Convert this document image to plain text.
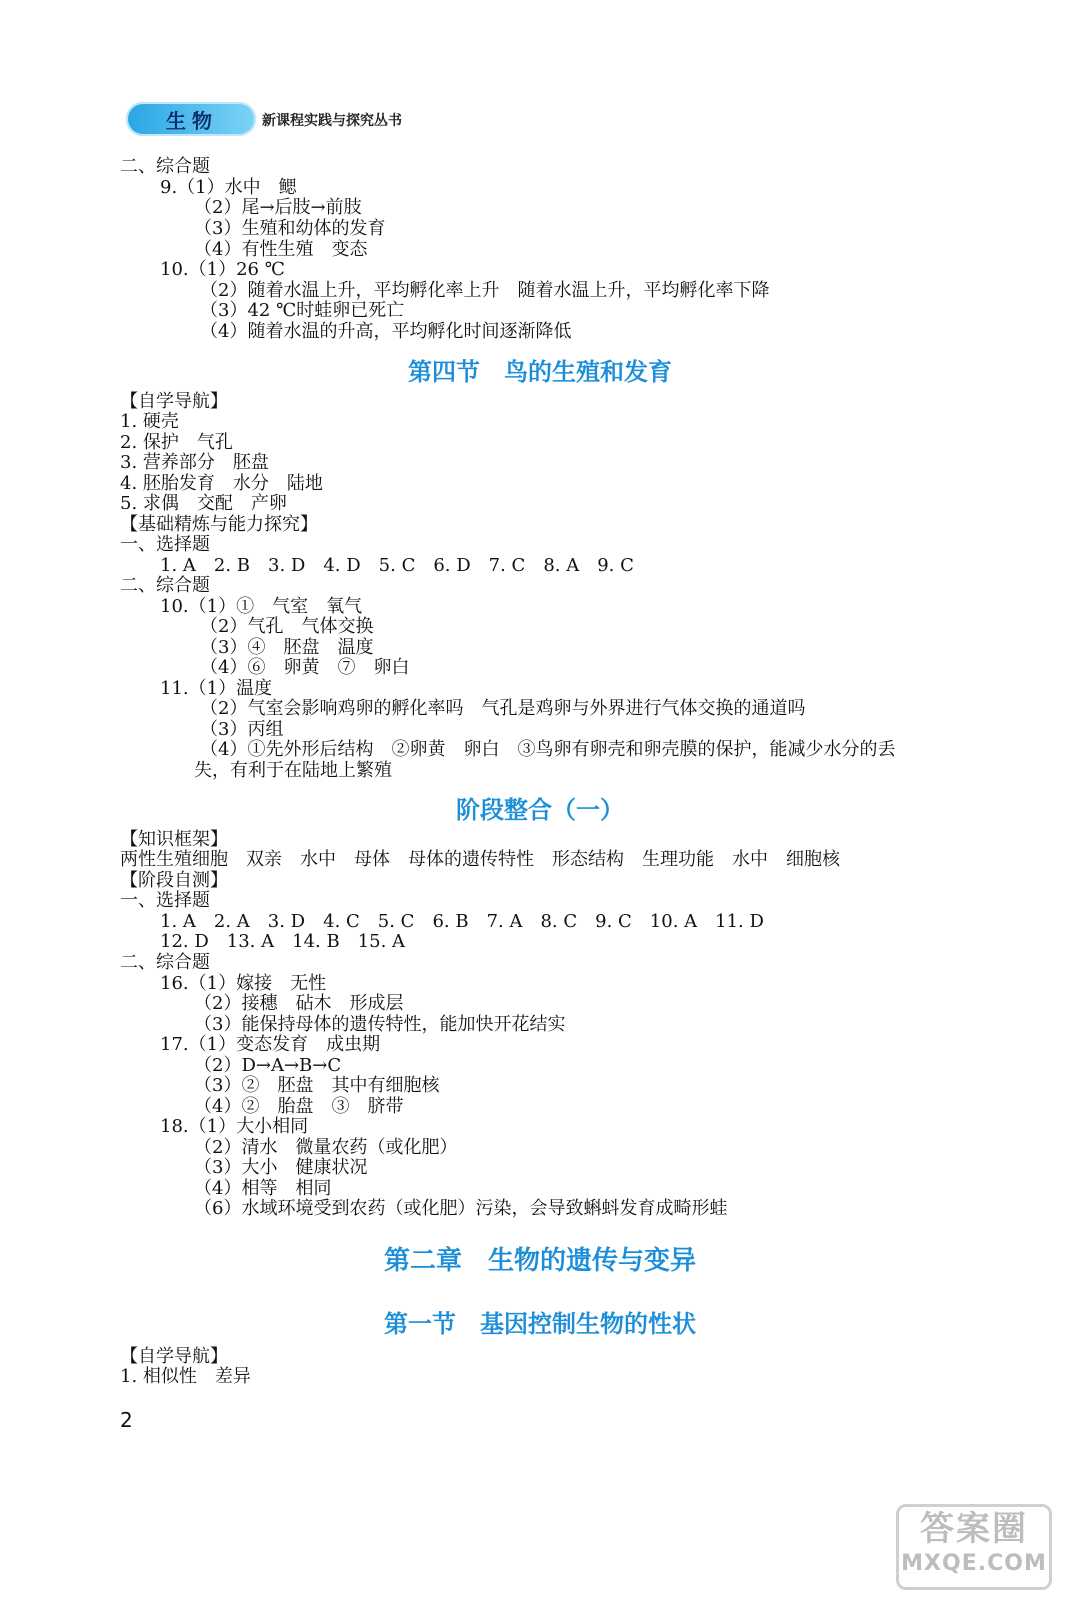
生物	新课程实践与探究丛书
二、综合题
9.（1）水中　鳃
（2）尾→后肢→前肢
（3）生殖和幼体的发育
（4）有性生殖　变态
10.（1）26 ℃
（2）随着水温上升，平均孵化率上升　随着水温上升，平均孵化率下降
（3）42 ℃时蛙卵已死亡
（4）随着水温的升高，平均孵化时间逐渐降低
第四节　鸟的生殖和发育
【自学导航】
1. 硬壳
2. 保护　气孔
3. 营养部分　胚盘
4. 胚胎发育　水分　陆地
5. 求偶　交配　产卵
【基础精炼与能力探究】
一、选择题
1. A　2. B　3. D　4. D　5. C　6. D　7. C　8. A　9. C
二、综合题
10.（1）①　气室　氧气
（2）气孔　气体交换
（3）④　胚盘　温度
（4）⑥　卵黄　⑦　卵白
11.（1）温度
（2）气室会影响鸡卵的孵化率吗　气孔是鸡卵与外界进行气体交换的通道吗
（3）丙组
（4）①先外形后结构　②卵黄　卵白　③鸟卵有卵壳和卵壳膜的保护，能减少水分的丢
失，有利于在陆地上繁殖
阶段整合（一）
【知识框架】
两性生殖细胞　双亲　水中　母体　母体的遗传特性　形态结构　生理功能　水中　细胞核
【阶段自测】
一、选择题
1. A　2. A　3. D　4. C　5. C　6. B　7. A　8. C　9. C　10. A　11. D
12. D　13. A　14. B　15. A
二、综合题
16.（1）嫁接　无性
（2）接穗　砧木　形成层
（3）能保持母体的遗传特性，能加快开花结实
17.（1）变态发育　成虫期
（2）D→A→B→C
（3）②　胚盘　其中有细胞核
（4）②　胎盘　③　脐带
18.（1）大小相同
（2）清水　微量农药（或化肥）
（3）大小　健康状况
（4）相等　相同
（6）水域环境受到农药（或化肥）污染，会导致蝌蚪发育成畸形蛙
第二章　生物的遗传与变异
第一节　基因控制生物的性状
【自学导航】
1. 相似性　差异
2
答案圈
MXQE.COM
